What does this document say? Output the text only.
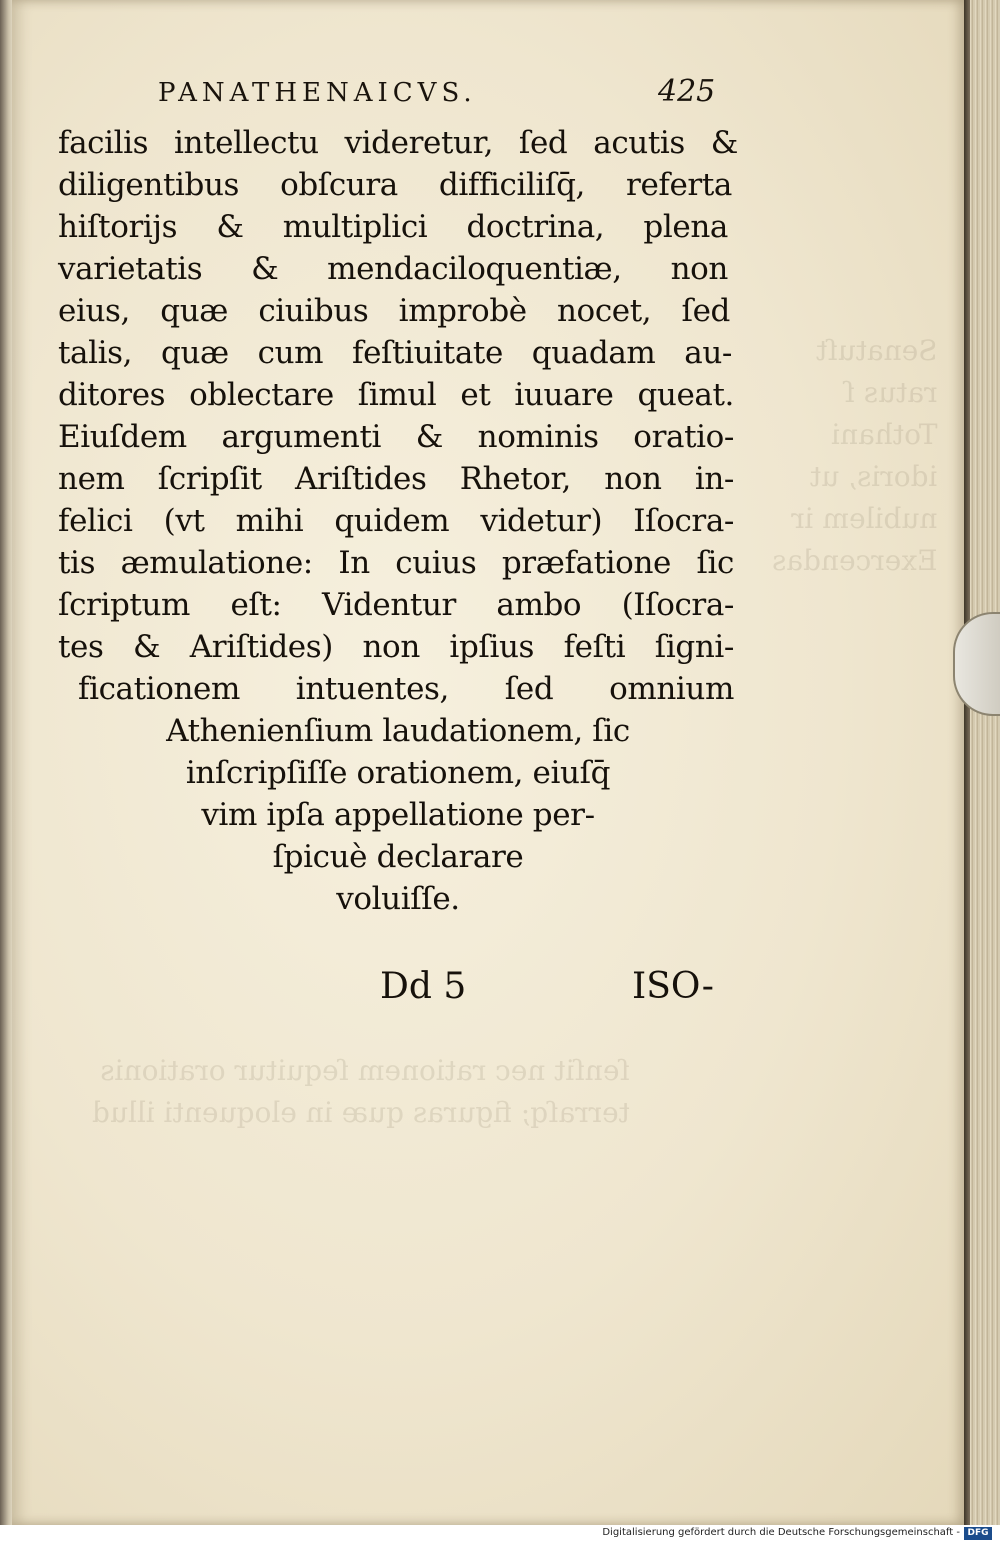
Senatuſt
ratus ſ
Tothani
idoris, ut
nubilem ir
Exercendas
ſenſit nec rationem ſequitur orationis
terraſq; figuras quæ in eloquenti illud
PANATHENAICVS.	425
facilis intellectu videretur, ſed acutis &
diligentibus obſcura difficiliſq̄, referta
hiſtorijs & multiplici doctrina, plena
varietatis & mendaciloquentiæ, non
eius, quæ ciuibus improbè nocet, ſed
talis, quæ cum feſtiuitate quadam au-
ditores oblectare ſimul et iuuare queat.
Eiuſdem argumenti & nominis oratio-
nem ſcripſit Ariſtides Rhetor, non in-
felici (vt mihi quidem videtur) Iſocra-
tis æmulatione: In cuius præfatione ſic
ſcriptum eſt: Videntur ambo (Iſocra-
tes & Ariſtides) non ipſius feſti ſigni-
ficationem intuentes, ſed omnium
Athenienſium laudationem, ſic
inſcripſiſſe orationem, eiuſq̄
vim ipſa appellatione per-
ſpicuè declarare
voluiſſe.
Dd 5	ISO-
Digitalisierung gefördert durch die Deutsche Forschungsgemeinschaft - DFG
